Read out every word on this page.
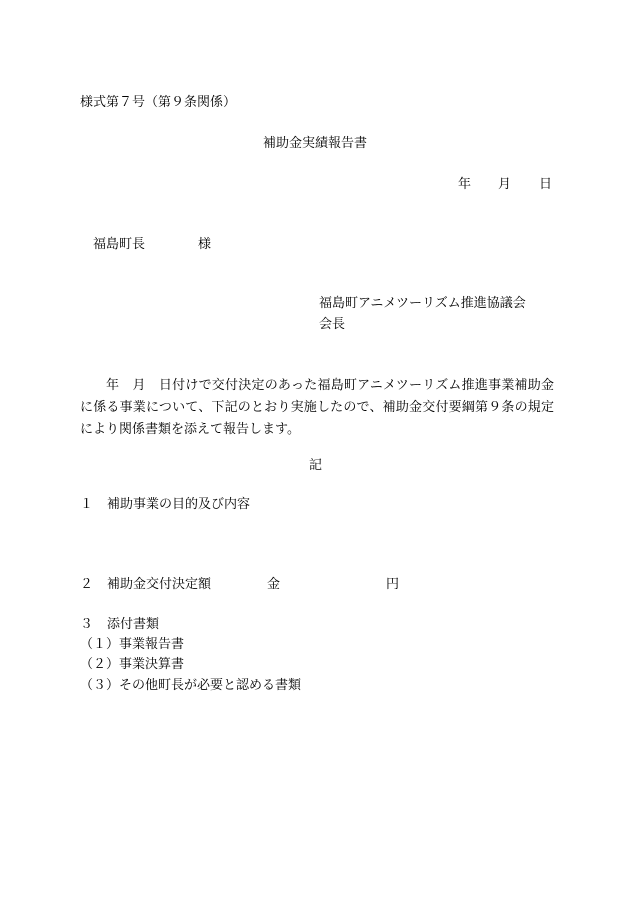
様式第７号（第９条関係）
補助金実績報告書
年 月 日
福島町長	様
福島町アニメツーリズム推進協議会
会長
年　月　日付けで交付決定のあった福島町アニメツーリズム推進事業補助金に係る事業について、下記のとおり実施したので、補助金交付要綱第９条の規定により関係書類を添えて報告します。
記
１ 補助事業の目的及び内容
２ 補助金交付決定額	金	円
３ 添付書類
（１）事業報告書
（２）事業決算書
（３）その他町長が必要と認める書類
